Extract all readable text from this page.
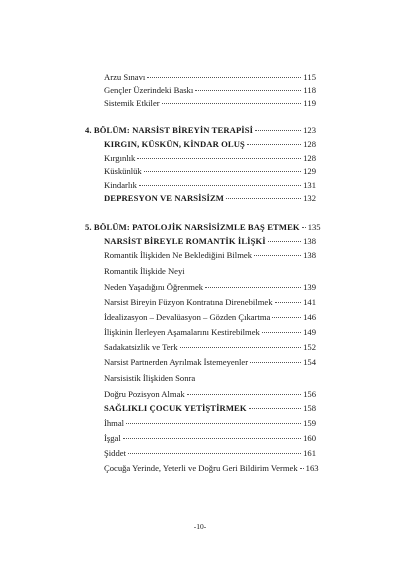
Arzu Sınavı	115
Gençler Üzerindeki Baskı	118
Sistemik Etkiler	119
4. BÖLÜM: NARSİST BİREYİN TERAPİSİ	123
KIRGIN, KÜSKÜN, KİNDAR OLUŞ	128
Kırgınlık	128
Küskünlük	129
Kindarlık	131
DEPRESYON VE NARSİSİZM	132
5. BÖLÜM: PATOLOJİK NARSİSİZMLE BAŞ ETMEK 135
NARSİST BİREYLE ROMANTİK İLİŞKİ	138
Romantik İlişkiden Ne Beklediğini Bilmek	138
Romantik İlişkide Neyi
Neden Yaşadığını Öğrenmek	139
Narsist Bireyin Füzyon Kontratına Direnebilmek	141
İdealizasyon – Devalüasyon – Gözden Çıkartma	146
İlişkinin İlerleyen Aşamalarını Kestirebilmek	149
Sadakatsizlik ve Terk	152
Narsist Partnerden Ayrılmak İstemeyenler	154
Narsisistik İlişkiden Sonra
Doğru Pozisyon Almak	156
SAĞLIKLI ÇOCUK YETİŞTİRMEK	158
İhmal	159
İşgal	160
Şiddet	161
Çocuğa Yerinde, Yeterli ve Doğru Geri Bildirim Vermek 163
-10-
